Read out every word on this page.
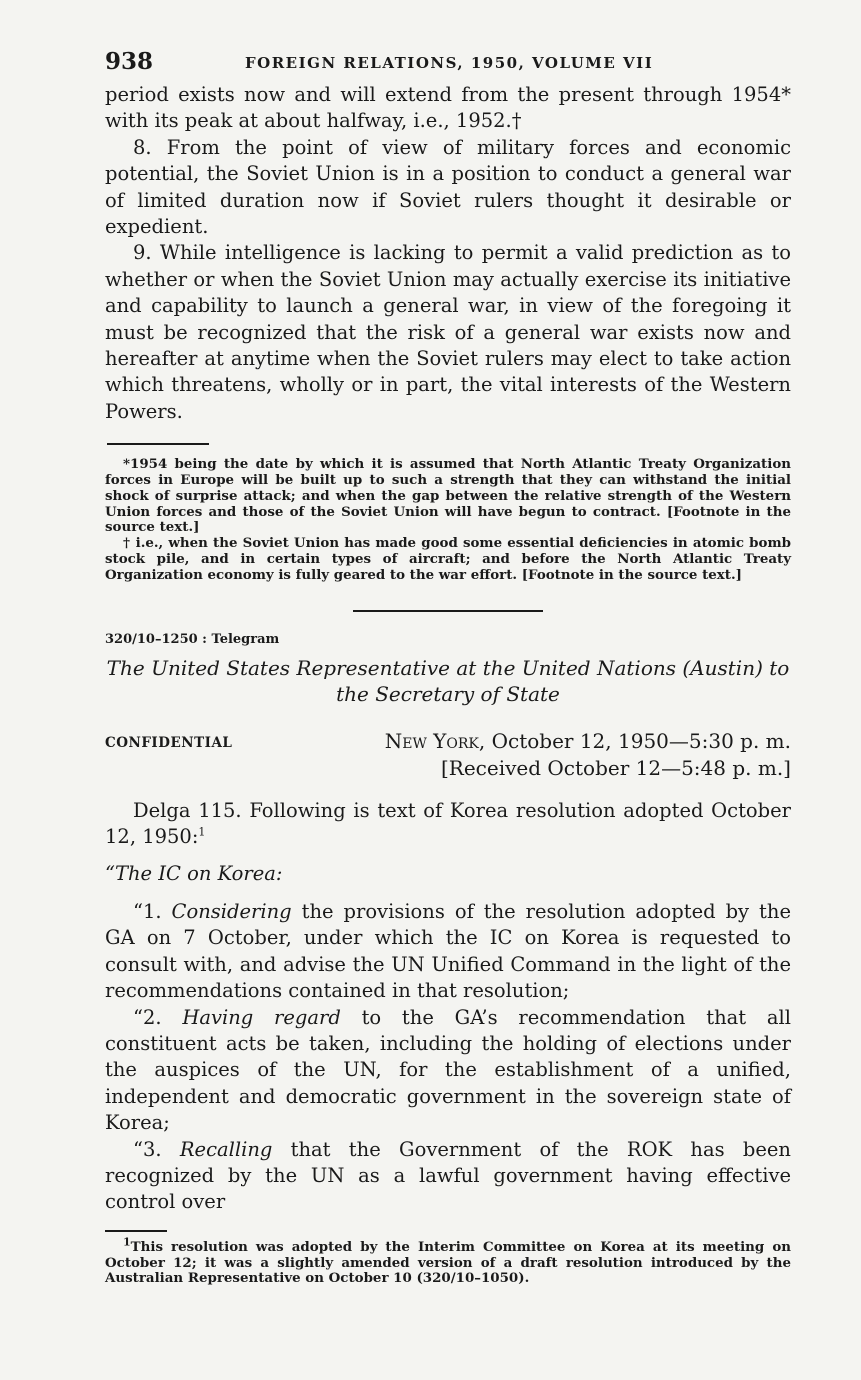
938	FOREIGN RELATIONS, 1950, VOLUME VII

period exists now and will extend from the present through 1954* with its peak at about halfway, i.e., 1952.†

8. From the point of view of military forces and economic potential, the Soviet Union is in a position to conduct a general war of limited duration now if Soviet rulers thought it desirable or expedient.

9. While intelligence is lacking to permit a valid prediction as to whether or when the Soviet Union may actually exercise its initiative and capability to launch a general war, in view of the foregoing it must be recognized that the risk of a general war exists now and hereafter at anytime when the Soviet rulers may elect to take action which threatens, wholly or in part, the vital interests of the Western Powers.

*1954 being the date by which it is assumed that North Atlantic Treaty Organization forces in Europe will be built up to such a strength that they can withstand the initial shock of surprise attack; and when the gap between the relative strength of the Western Union forces and those of the Soviet Union will have begun to contract. [Footnote in the source text.]

† i.e., when the Soviet Union has made good some essential deficiencies in atomic bomb stock pile, and in certain types of aircraft; and before the North Atlantic Treaty Organization economy is fully geared to the war effort. [Footnote in the source text.]

320/10–1250 : Telegram
The United States Representative at the United Nations (Austin) to
the Secretary of State
CONFIDENTIAL	New York, October 12, 1950—5:30 p. m.
[Received October 12—5:48 p. m.]

Delga 115. Following is text of Korea resolution adopted October 12, 1950:$^1$

“The IC on Korea:

“1. Considering the provisions of the resolution adopted by the GA on 7 October, under which the IC on Korea is requested to consult with, and advise the UN Unified Command in the light of the recommendations contained in that resolution;

“2. Having regard to the GA’s recommendation that all constituent acts be taken, including the holding of elections under the auspices of the UN, for the establishment of a unified, independent and democratic government in the sovereign state of Korea;

“3. Recalling that the Government of the ROK has been recognized by the UN as a lawful government having effective control over

$^1$This resolution was adopted by the Interim Committee on Korea at its meeting on October 12; it was a slightly amended version of a draft resolution introduced by the Australian Representative on October 10 (320/10–1050).
